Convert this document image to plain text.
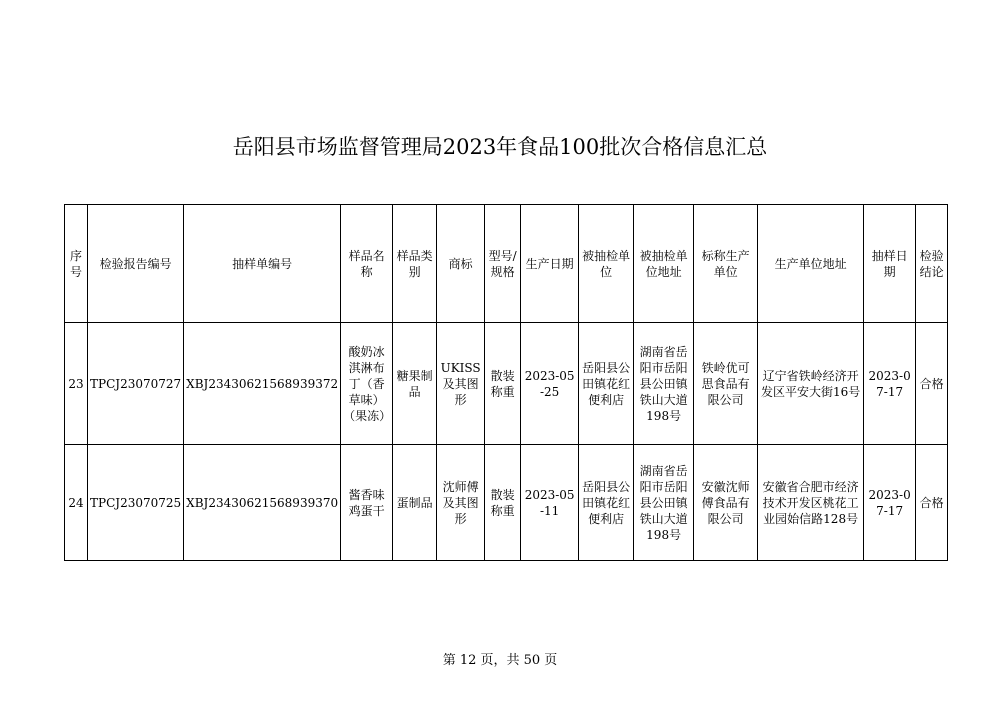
岳阳县市场监督管理局2023年食品100批次合格信息汇总
序号	检验报告编号	抽样单编号	样品名称	样品类别	商标	型号/规格	生产日期	被抽检单位	被抽检单位地址	标称生产单位	生产单位地址	抽样日期	检验结论
23	TPCJ23070727	XBJ23430621568939372	酸奶冰淇淋布丁（香草味）（果冻）	糖果制品	UKISS及其图形	散装称重	2023-05-25	岳阳县公田镇花红便利店	湖南省岳阳市岳阳县公田镇铁山大道198号	铁岭优可思食品有限公司	辽宁省铁岭经济开发区平安大街16号	2023-07-17	合格
24	TPCJ23070725	XBJ23430621568939370	酱香味鸡蛋干	蛋制品	沈师傅及其图形	散装称重	2023-05-11	岳阳县公田镇花红便利店	湖南省岳阳市岳阳县公田镇铁山大道198号	安徽沈师傅食品有限公司	安徽省合肥市经济技术开发区桃花工业园始信路128号	2023-07-17	合格
第 12 页，共 50 页
